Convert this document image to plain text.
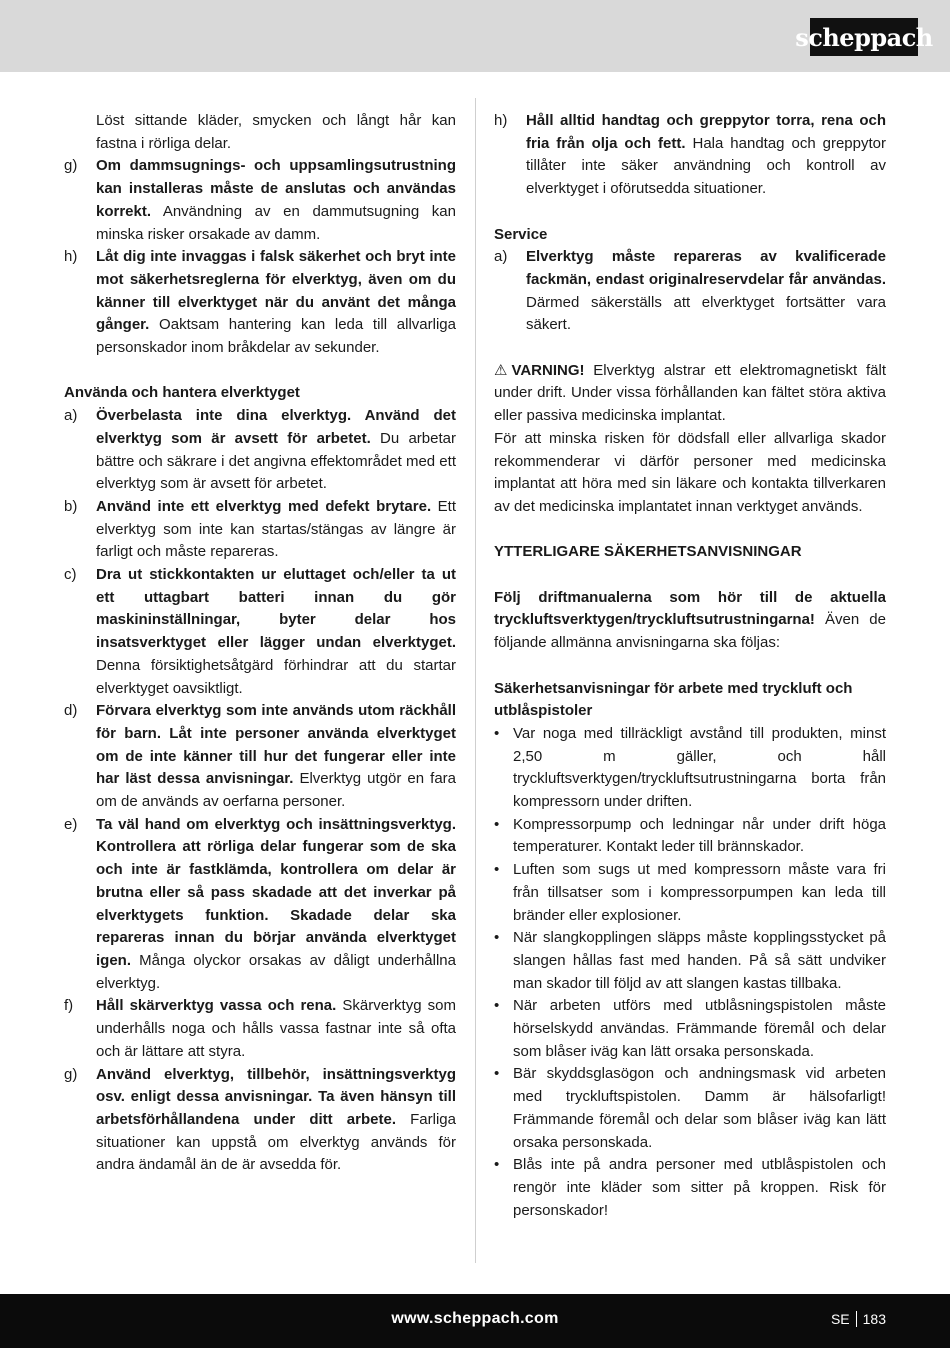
scheppach
Löst sittande kläder, smycken och långt hår kan fastna i rörliga delar.
g)	Om dammsugnings- och uppsamlingsutrustning kan installeras måste de anslutas och användas korrekt. Användning av en dammutsugning kan minska risker orsakade av damm.
h)	Låt dig inte invaggas i falsk säkerhet och bryt inte mot säkerhetsreglerna för elverktyg, även om du känner till elverktyget när du använt det många gånger. Oaktsam hantering kan leda till allvarliga personskador inom bråkdelar av sekunder.
Använda och hantera elverktyget
a)	Överbelasta inte dina elverktyg. Använd det elverktyg som är avsett för arbetet. Du arbetar bättre och säkrare i det angivna effektområdet med ett elverktyg som är avsett för arbetet.
b)	Använd inte ett elverktyg med defekt brytare. Ett elverktyg som inte kan startas/stängas av längre är farligt och måste repareras.
c)	Dra ut stickkontakten ur eluttaget och/eller ta ut ett uttagbart batteri innan du gör maskininställningar, byter delar hos insatsverktyget eller lägger undan elverktyget. Denna försiktighetsåtgärd förhindrar att du startar elverktyget oavsiktligt.
d)	Förvara elverktyg som inte används utom räckhåll för barn. Låt inte personer använda elverktyget om de inte känner till hur det fungerar eller inte har läst dessa anvisningar. Elverktyg utgör en fara om de används av oerfarna personer.
e)	Ta väl hand om elverktyg och insättningsverktyg. Kontrollera att rörliga delar fungerar som de ska och inte är fastklämda, kontrollera om delar är brutna eller så pass skadade att det inverkar på elverktygets funktion. Skadade delar ska repareras innan du börjar använda elverktyget igen. Många olyckor orsakas av dåligt underhållna elverktyg.
f)	Håll skärverktyg vassa och rena. Skärverktyg som underhålls noga och hålls vassa fastnar inte så ofta och är lättare att styra.
g)	Använd elverktyg, tillbehör, insättningsverktyg osv. enligt dessa anvisningar. Ta även hänsyn till arbetsförhållandena under ditt arbete. Farliga situationer kan uppstå om elverktyg används för andra ändamål än de är avsedda för.
h)	Håll alltid handtag och greppytor torra, rena och fria från olja och fett. Hala handtag och greppytor tillåter inte säker användning och kontroll av elverktyget i oförutsedda situationer.
Service
a)	Elverktyg måste repareras av kvalificerade fackmän, endast originalreservdelar får användas. Därmed säkerställs att elverktyget fortsätter vara säkert.
⚠ VARNING! Elverktyg alstrar ett elektromagnetiskt fält under drift. Under vissa förhållanden kan fältet störa aktiva eller passiva medicinska implantat.
För att minska risken för dödsfall eller allvarliga skador rekommenderar vi därför personer med medicinska implantat att höra med sin läkare och kontakta tillverkaren av det medicinska implantatet innan verktyget används.
YTTERLIGARE SÄKERHETSANVISNINGAR
Följ driftmanualerna som hör till de aktuella tryckluftsverktygen/tryckluftsutrustningarna! Även de följande allmänna anvisningarna ska följas:
Säkerhetsanvisningar för arbete med tryckluft och utblåspistoler
• Var noga med tillräckligt avstånd till produkten, minst 2,50 m gäller, och håll tryckluftsverktygen/tryckluftsutrustningarna borta från kompressorn under driften.
• Kompressorpump och ledningar når under drift höga temperaturer. Kontakt leder till brännskador.
• Luften som sugs ut med kompressorn måste vara fri från tillsatser som i kompressorpumpen kan leda till bränder eller explosioner.
• När slangkopplingen släpps måste kopplingsstycket på slangen hållas fast med handen. På så sätt undviker man skador till följd av att slangen kastas tillbaka.
• När arbeten utförs med utblåsningspistolen måste hörselskydd användas. Främmande föremål och delar som blåser iväg kan lätt orsaka personskada.
• Bär skyddsglasögon och andningsmask vid arbeten med tryckluftspistolen. Damm är hälsofarligt! Främmande föremål och delar som blåser iväg kan lätt orsaka personskada.
• Blås inte på andra personer med utblåspistolen och rengör inte kläder som sitter på kroppen. Risk för personskador!
www.scheppach.com	SE 183
